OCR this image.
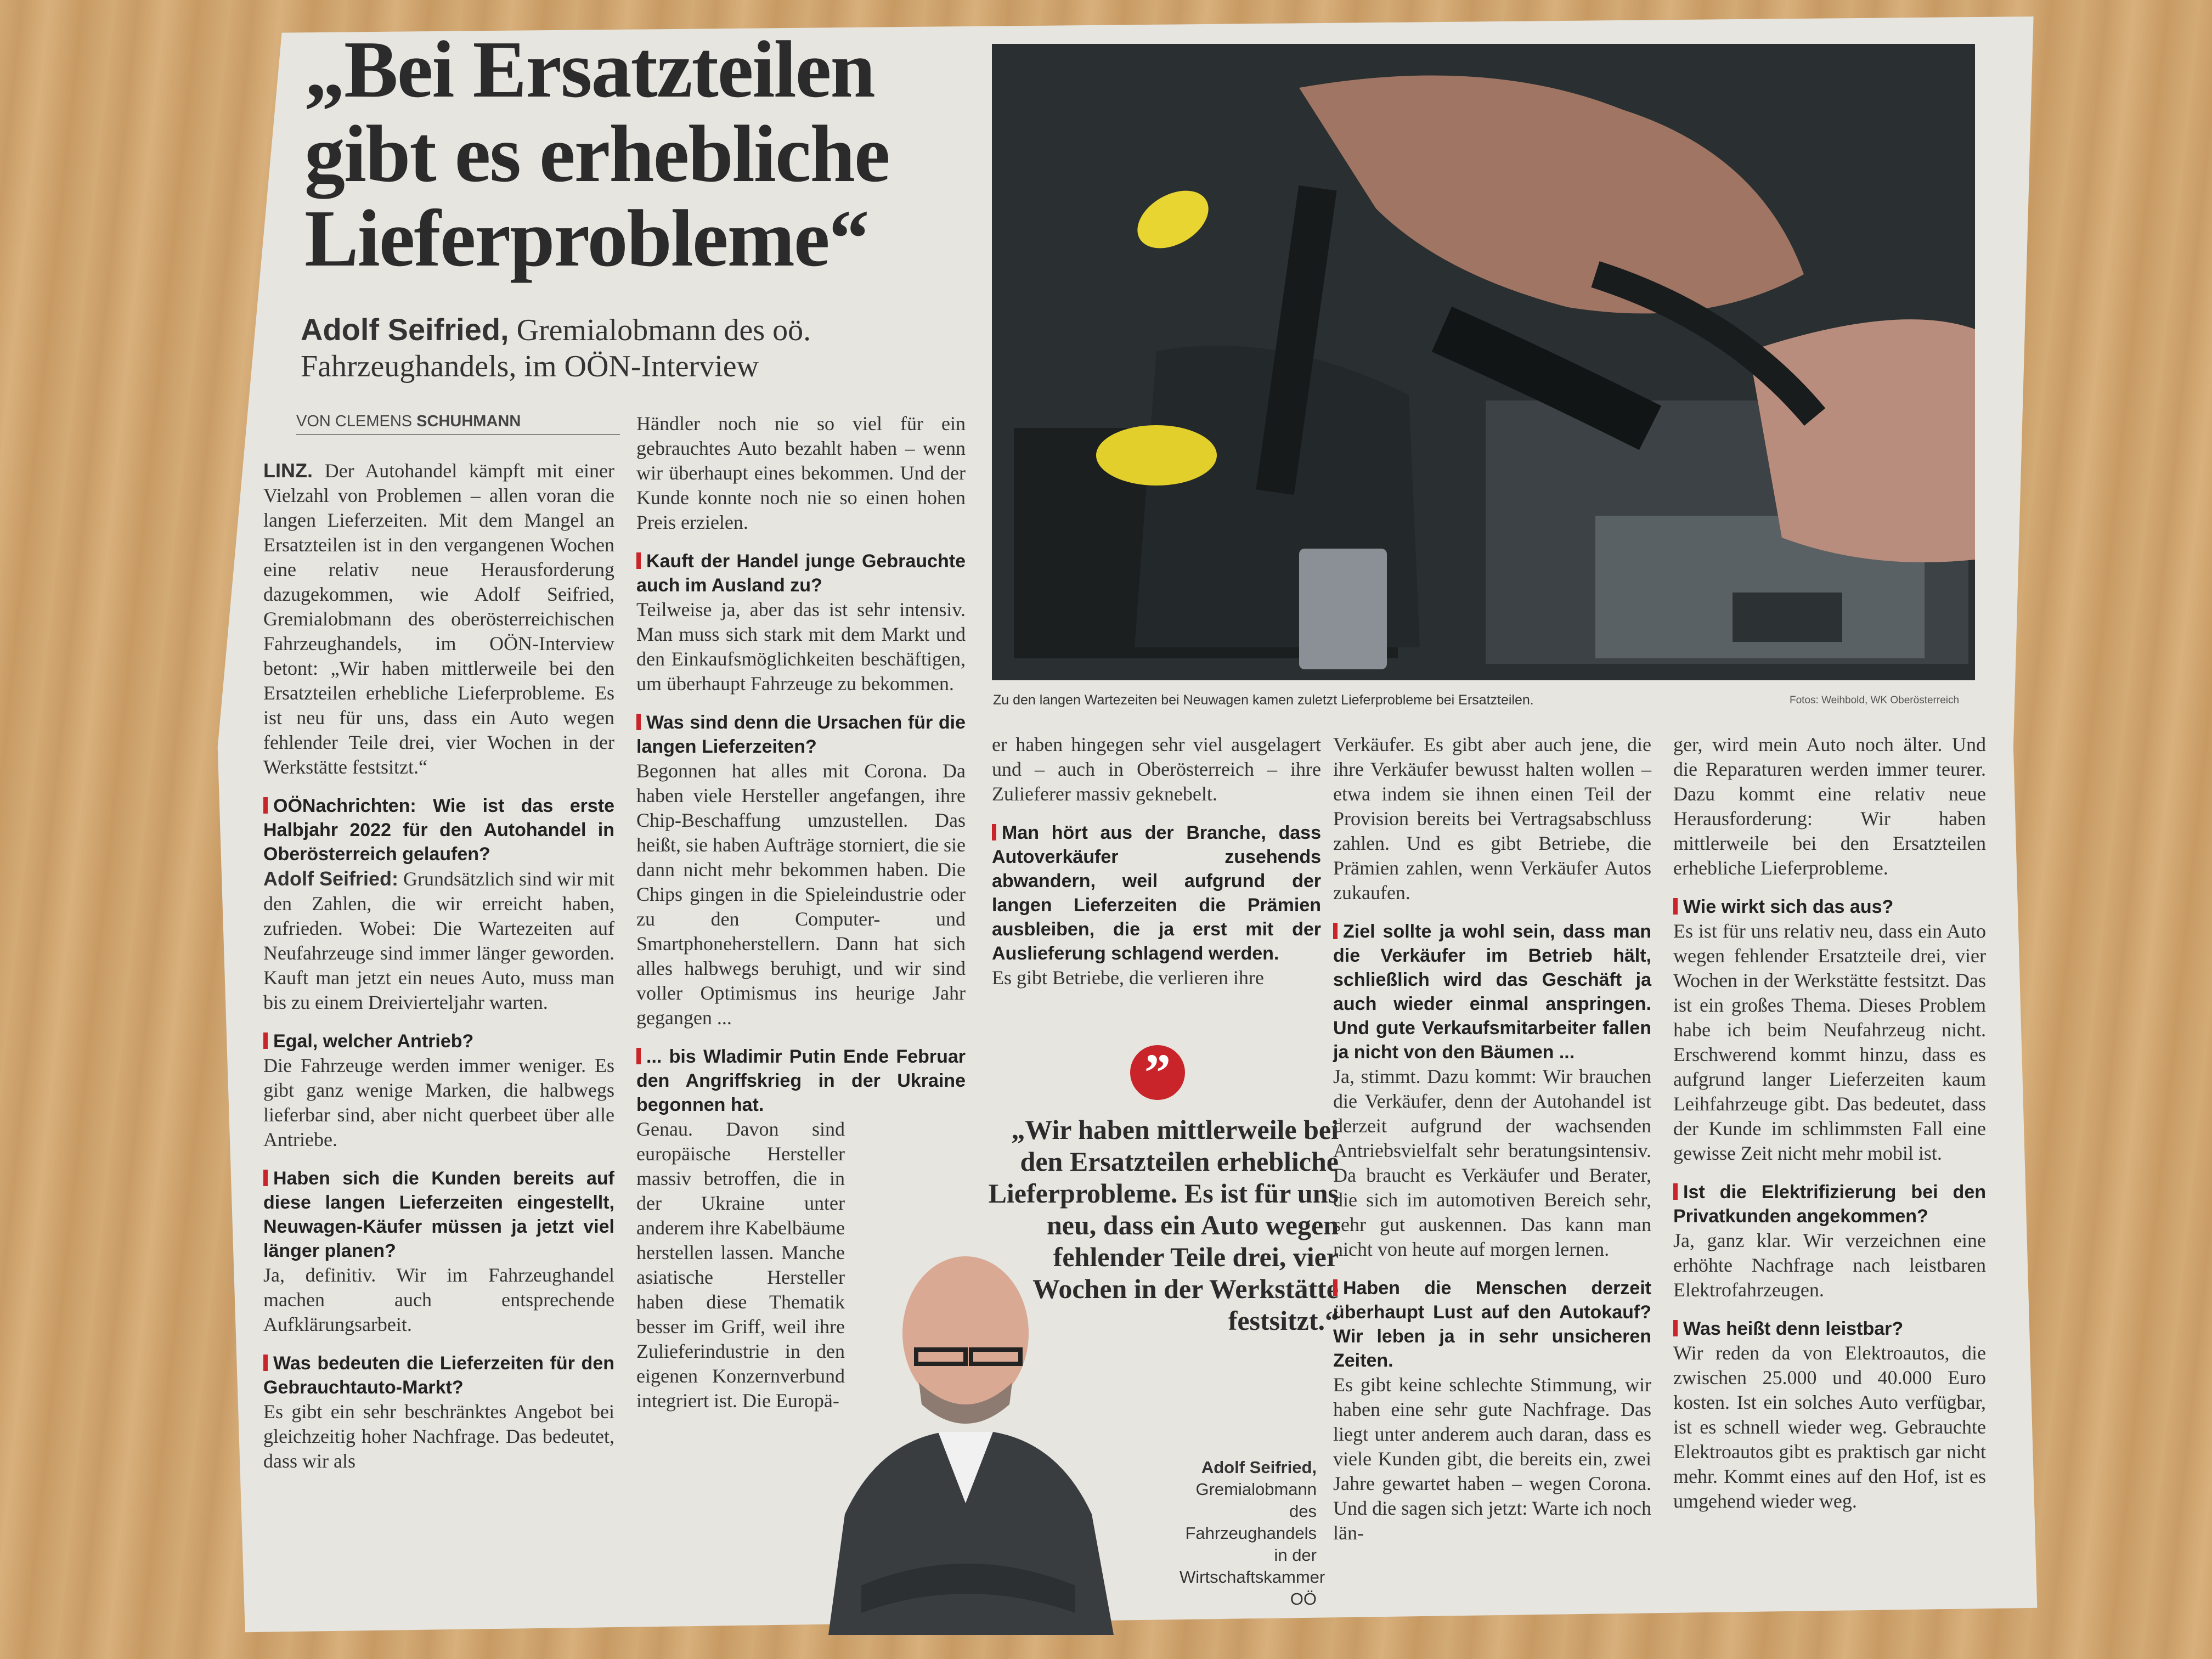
„Bei Ersatzteilen gibt es erhebliche Lieferprobleme“
Adolf Seifried, Gremialobmann des oö. Fahrzeughandels, im OÖN-Interview
VON CLEMENS SCHUHMANN
Zu den langen Wartezeiten bei Neuwagen kamen zuletzt Lieferprobleme bei Ersatzteilen.	Fotos: Weihbold, WK Oberösterreich

LINZ. Der Autohandel kämpft mit einer Vielzahl von Problemen – allen voran die langen Lieferzeiten. Mit dem Mangel an Ersatzteilen ist in den vergangenen Wochen eine relativ neue Herausforderung dazugekommen, wie Adolf Seifried, Gremialobmann des oberösterreichischen Fahrzeughandels, im OÖN-Interview betont: „Wir haben mittlerweile bei den Ersatzteilen erhebliche Lieferprobleme. Es ist neu für uns, dass ein Auto wegen fehlender Teile drei, vier Wochen in der Werkstätte festsitzt.“

OÖNachrichten: Wie ist das erste Halbjahr 2022 für den Autohandel in Oberösterreich gelaufen?

Adolf Seifried: Grundsätzlich sind wir mit den Zahlen, die wir erreicht haben, zufrieden. Wobei: Die Wartezeiten auf Neufahrzeuge sind immer länger geworden. Kauft man jetzt ein neues Auto, muss man bis zu einem Dreivierteljahr warten.

Egal, welcher Antrieb?

Die Fahrzeuge werden immer weniger. Es gibt ganz wenige Marken, die halbwegs lieferbar sind, aber nicht querbeet über alle Antriebe.

Haben sich die Kunden bereits auf diese langen Lieferzeiten eingestellt, Neuwagen-Käufer müssen ja jetzt viel länger planen?

Ja, definitiv. Wir im Fahrzeughandel machen auch entsprechende Aufklärungsarbeit.

Was bedeuten die Lieferzeiten für den Gebrauchtauto-Markt?

Es gibt ein sehr beschränktes Angebot bei gleichzeitig hoher Nachfrage. Das bedeutet, dass wir als

Händler noch nie so viel für ein gebrauchtes Auto bezahlt haben – wenn wir überhaupt eines bekommen. Und der Kunde konnte noch nie so einen hohen Preis erzielen.

Kauft der Handel junge Gebrauchte auch im Ausland zu?

Teilweise ja, aber das ist sehr intensiv. Man muss sich stark mit dem Markt und den Einkaufsmöglichkeiten beschäftigen, um überhaupt Fahrzeuge zu bekommen.

Was sind denn die Ursachen für die langen Lieferzeiten?

Begonnen hat alles mit Corona. Da haben viele Hersteller angefangen, ihre Chip-Beschaffung umzustellen. Das heißt, sie haben Aufträge storniert, die sie dann nicht mehr bekommen haben. Die Chips gingen in die Spieleindustrie oder zu den Computer- und Smartphoneherstellern. Dann hat sich alles halbwegs beruhigt, und wir sind voller Optimismus ins heurige Jahr gegangen ...

... bis Wladimir Putin Ende Februar den Angriffskrieg in der Ukraine begonnen hat.

Genau. Davon sind europäische Hersteller massiv betroffen, die in der Ukraine unter anderem ihre Kabelbäume herstellen lassen. Manche asiatische Hersteller haben diese Thematik besser im Griff, weil ihre Zulieferindustrie in den eigenen Konzernverbund integriert ist. Die Europä-

er haben hingegen sehr viel ausgelagert und – auch in Oberösterreich – ihre Zulieferer massiv geknebelt.

Man hört aus der Branche, dass Autoverkäufer zusehends abwandern, weil aufgrund der langen Lieferzeiten die Prämien ausbleiben, die ja erst mit der Auslieferung schlagend werden.

Es gibt Betriebe, die verlieren ihre

”
„Wir haben mittlerweile bei den Ersatzteilen erhebliche Lieferprobleme. Es ist für uns neu, dass ein Auto wegen fehlender Teile drei, vier Wochen in der Werkstätte festsitzt.“
Adolf Seifried,
Gremialobmann des Fahrzeughandels in der Wirtschaftskammer OÖ

Verkäufer. Es gibt aber auch jene, die ihre Verkäufer bewusst halten wollen – etwa indem sie ihnen einen Teil der Provision bereits bei Vertragsabschluss zahlen. Und es gibt Betriebe, die Prämien zahlen, wenn Verkäufer Autos zukaufen.

Ziel sollte ja wohl sein, dass man die Verkäufer im Betrieb hält, schließlich wird das Geschäft ja auch wieder einmal anspringen. Und gute Verkaufsmitarbeiter fallen ja nicht von den Bäumen ...

Ja, stimmt. Dazu kommt: Wir brauchen die Verkäufer, denn der Autohandel ist derzeit aufgrund der wachsenden Antriebsvielfalt sehr beratungsintensiv. Da braucht es Verkäufer und Berater, die sich im automotiven Bereich sehr, sehr gut auskennen. Das kann man nicht von heute auf morgen lernen.

Haben die Menschen derzeit überhaupt Lust auf den Autokauf? Wir leben ja in sehr unsicheren Zeiten.

Es gibt keine schlechte Stimmung, wir haben eine sehr gute Nachfrage. Das liegt unter anderem auch daran, dass es viele Kunden gibt, die bereits ein, zwei Jahre gewartet haben – wegen Corona. Und die sagen sich jetzt: Warte ich noch län-

ger, wird mein Auto noch älter. Und die Reparaturen werden immer teurer. Dazu kommt eine relativ neue Herausforderung: Wir haben mittlerweile bei den Ersatzteilen erhebliche Lieferprobleme.

Wie wirkt sich das aus?

Es ist für uns relativ neu, dass ein Auto wegen fehlender Ersatzteile drei, vier Wochen in der Werkstätte festsitzt. Das ist ein großes Thema. Dieses Problem habe ich beim Neufahrzeug nicht. Erschwerend kommt hinzu, dass es aufgrund langer Lieferzeiten kaum Leihfahrzeuge gibt. Das bedeutet, dass der Kunde im schlimmsten Fall eine gewisse Zeit nicht mehr mobil ist.

Ist die Elektrifizierung bei den Privatkunden angekommen?

Ja, ganz klar. Wir verzeichnen eine erhöhte Nachfrage nach leistbaren Elektrofahrzeugen.

Was heißt denn leistbar?

Wir reden da von Elektroautos, die zwischen 25.000 und 40.000 Euro kosten. Ist ein solches Auto verfügbar, ist es schnell wieder weg. Gebrauchte Elektroautos gibt es praktisch gar nicht mehr. Kommt eines auf den Hof, ist es umgehend wieder weg.
